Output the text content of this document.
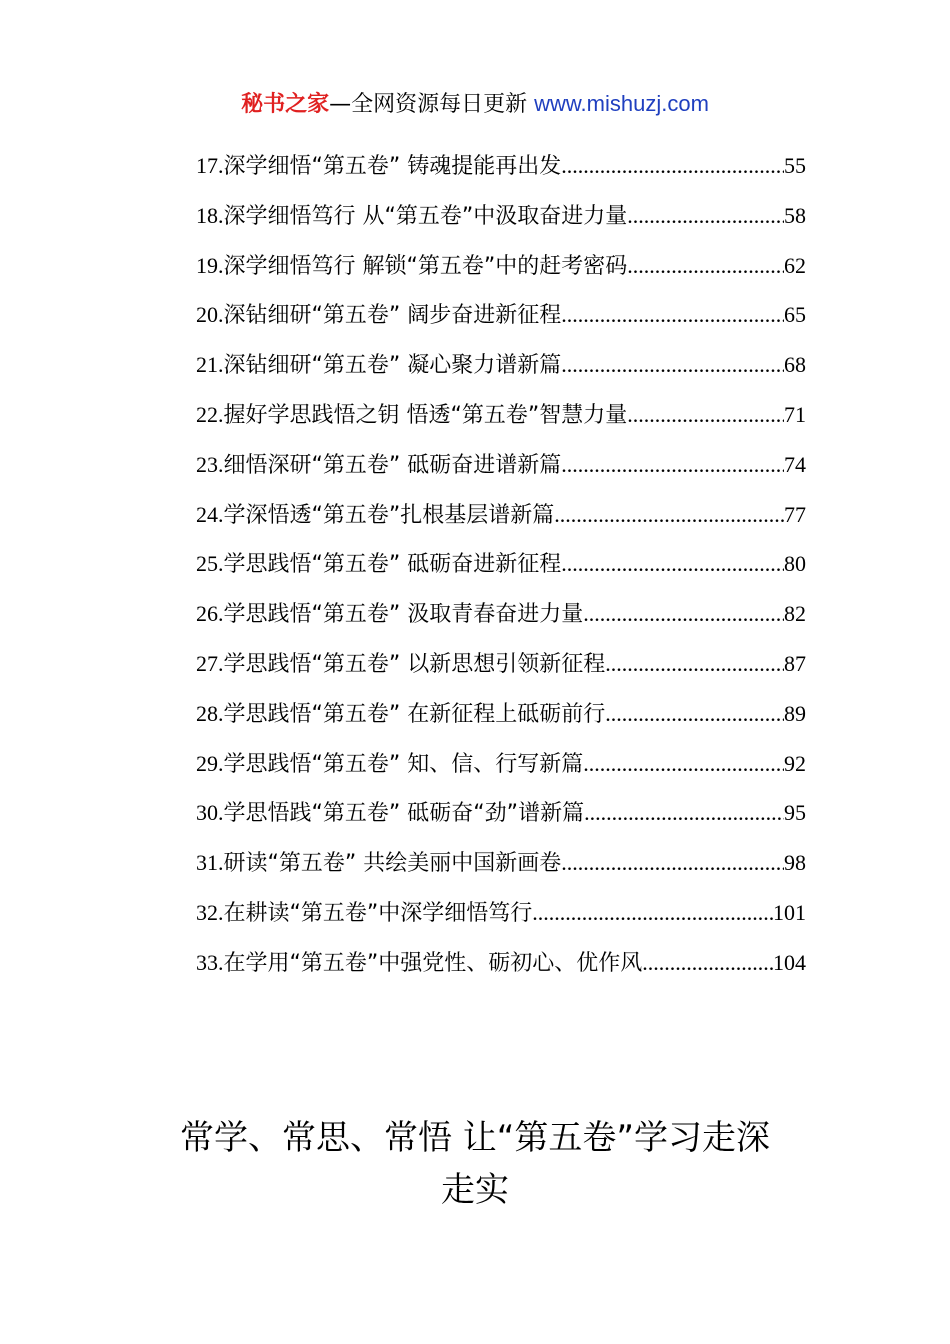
秘书之家—全网资源每日更新 www.mishuzj.com
17. 深学细悟“第五卷” 铸魂提能再出发 .....	55
18. 深学细悟笃行 从“第五卷”中汲取奋进力量 .....	58
19. 深学细悟笃行 解锁“第五卷”中的赶考密码 .....	62
20. 深钻细研“第五卷” 阔步奋进新征程 .....	65
21. 深钻细研“第五卷” 凝心聚力谱新篇 .....	68
22. 握好学思践悟之钥 悟透“第五卷”智慧力量 .....	71
23. 细悟深研“第五卷” 砥砺奋进谱新篇 .....	74
24. 学深悟透“第五卷”扎根基层谱新篇 .....	77
25. 学思践悟“第五卷” 砥砺奋进新征程 .....	80
26. 学思践悟“第五卷” 汲取青春奋进力量 .....	82
27. 学思践悟“第五卷” 以新思想引领新征程 .....	87
28. 学思践悟“第五卷” 在新征程上砥砺前行 .....	89
29. 学思践悟“第五卷” 知、信、行写新篇 .....	92
30. 学思悟践“第五卷” 砥砺奋“劲”谱新篇 .....	95
31. 研读“第五卷” 共绘美丽中国新画卷 .....	98
32. 在耕读“第五卷”中深学细悟笃行 .....	101
33. 在学用“第五卷”中强党性、砺初心、优作风 .....	104
常学、常思、常悟 让“第五卷”学习走深
走实
